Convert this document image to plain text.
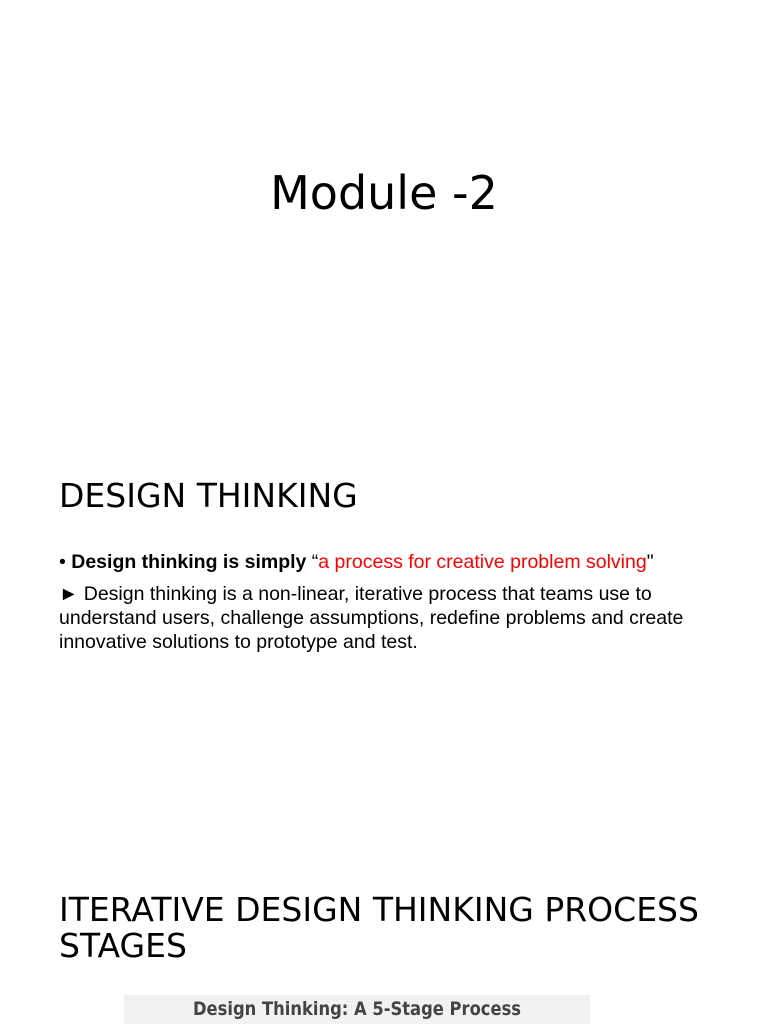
Module -2
DESIGN THINKING
• Design thinking is simply “a process for creative problem solving"
► Design thinking is a non-linear, iterative process that teams use to understand users, challenge assumptions, redefine problems and create innovative solutions to prototype and test.
ITERATIVE DESIGN THINKING PROCESS STAGES
Design Thinking: A 5-Stage Process
